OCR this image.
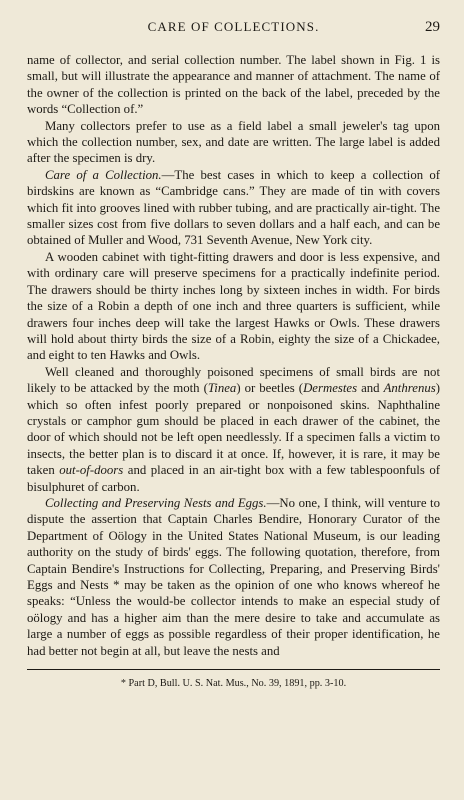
CARE OF COLLECTIONS.	29

name of collector, and serial collection number. The label shown in Fig. 1 is small, but will illustrate the appearance and manner of attachment. The name of the owner of the collection is printed on the back of the label, preceded by the words “Collection of.”

Many collectors prefer to use as a field label a small jeweler's tag upon which the collection number, sex, and date are written. The large label is added after the specimen is dry.

Care of a Collection.—The best cases in which to keep a collection of birdskins are known as “Cambridge cans.” They are made of tin with covers which fit into grooves lined with rubber tubing, and are practically air-tight. The smaller sizes cost from five dollars to seven dollars and a half each, and can be obtained of Muller and Wood, 731 Seventh Avenue, New York city.

A wooden cabinet with tight-fitting drawers and door is less expensive, and with ordinary care will preserve specimens for a practically indefinite period. The drawers should be thirty inches long by sixteen inches in width. For birds the size of a Robin a depth of one inch and three quarters is sufficient, while drawers four inches deep will take the largest Hawks or Owls. These drawers will hold about thirty birds the size of a Robin, eighty the size of a Chickadee, and eight to ten Hawks and Owls.

Well cleaned and thoroughly poisoned specimens of small birds are not likely to be attacked by the moth (Tinea) or beetles (Dermestes and Anthrenus) which so often infest poorly prepared or nonpoisoned skins. Naphthaline crystals or camphor gum should be placed in each drawer of the cabinet, the door of which should not be left open needlessly. If a specimen falls a victim to insects, the better plan is to discard it at once. If, however, it is rare, it may be taken out-of-doors and placed in an air-tight box with a few tablespoonfuls of bisulphuret of carbon.

Collecting and Preserving Nests and Eggs.—No one, I think, will venture to dispute the assertion that Captain Charles Bendire, Honorary Curator of the Department of Oölogy in the United States National Museum, is our leading authority on the study of birds' eggs. The following quotation, therefore, from Captain Bendire's Instructions for Collecting, Preparing, and Preserving Birds' Eggs and Nests * may be taken as the opinion of one who knows whereof he speaks: “Unless the would-be collector intends to make an especial study of oölogy and has a higher aim than the mere desire to take and accumulate as large a number of eggs as possible regardless of their proper identification, he had better not begin at all, but leave the nests and

* Part D, Bull. U. S. Nat. Mus., No. 39, 1891, pp. 3-10.
